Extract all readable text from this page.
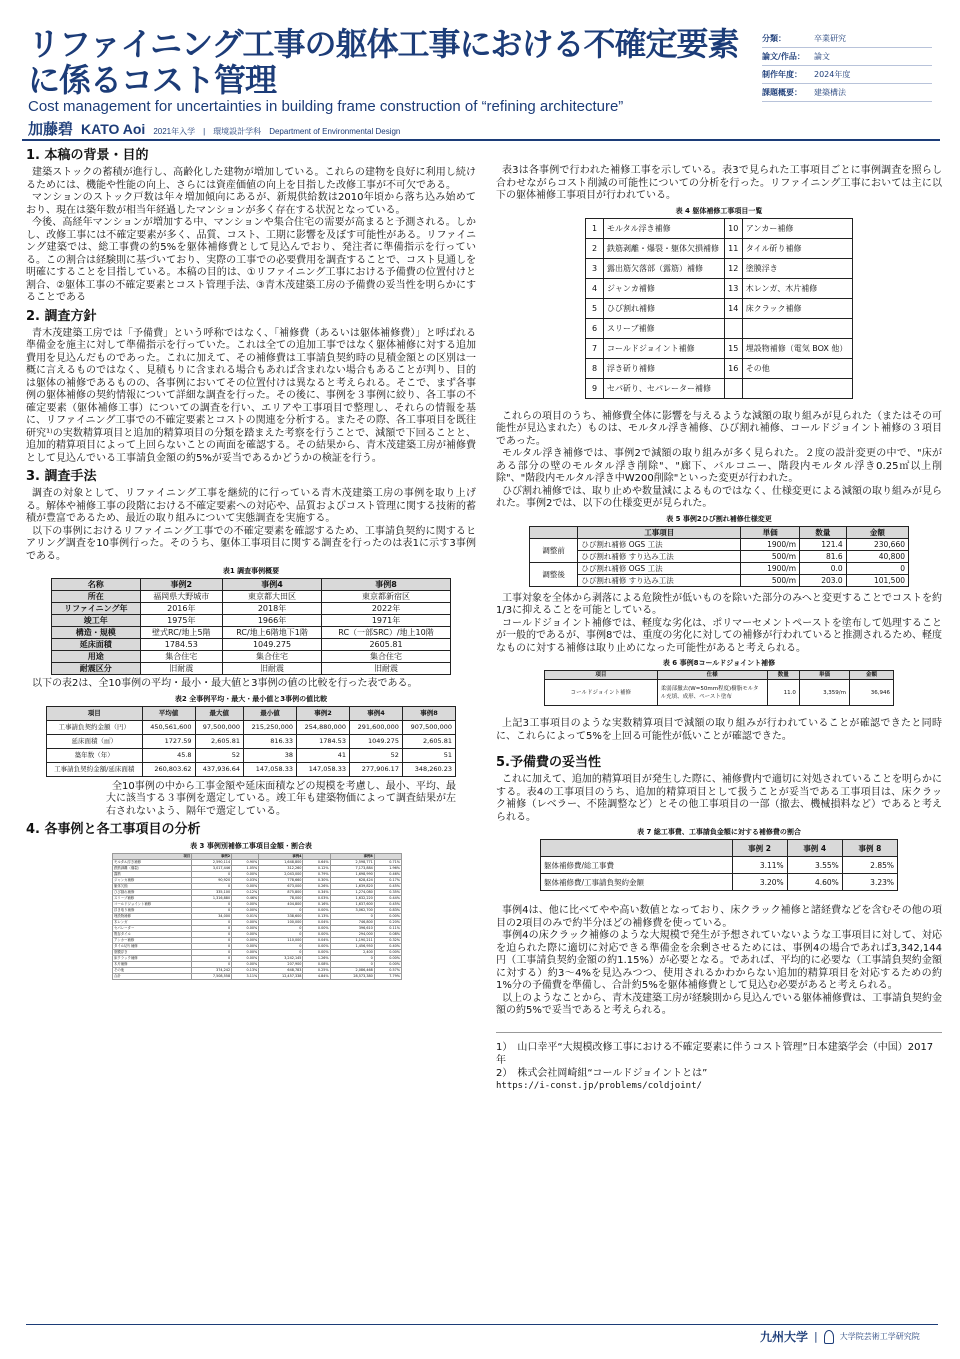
リファイニング工事の躯体工事における不確定要素に係るコスト管理
Cost management for uncertainties in building frame construction of “refining architecture”
加藤碧 KATO Aoi 2021年入学 | 環境設計学科 Department of Environmental Design
分類：	卒業研究
論文/作品：	論文
制作年度：	2024年度
課題概要：	建築構法
1. 本稿の背景・目的

建築ストックの蓄積が進行し、高齢化した建物が増加している。これらの建物を良好に利用し続けるためには、機能や性能の向上、さらには資産価値の向上を目指した改修工事が不可欠である。

マンションのストック戸数は年々増加傾向にあるが、新規供給数は2010年頃から落ち込み始めており、現在は築年数が相当年経過したマンションが多く存在する状況となっている。

今後、高経年マンションが増加する中、マンションや集合住宅の需要が高まると予測される。しかし、改修工事には不確定要素が多く、品質、コスト、工期に影響を及ぼす可能性がある。リファイニング建築では、総工事費の約5%を躯体補修費として見込んでおり、発注者に準備指示を行っている。この割合は経験則に基づいており、実際の工事での必要費用を調査することで、コスト見通しを明確にすることを目指している。本稿の目的は、①リファイニング工事における予備費の位置付けと割合、②躯体工事の不確定要素とコスト管理手法、③青木茂建築工房の予備費の妥当性を明らかにすることである

2. 調査方針

青木茂建築工房では「予備費」という呼称ではなく、「補修費（あるいは躯体補修費）」と呼ばれる準備金を施主に対して準備指示を行っていた。これは全ての追加工事ではなく躯体補修に対する追加費用を見込んだものであった。これに加えて、その補修費は工事請負契約時の見積金額との区別は一概に言えるものではなく、見積もりに含まれる場合もあれば含まれない場合もあることが判り、目的は躯体の補修であるものの、各事例においてその位置付けは異なると考えられる。そこで、まず各事例の躯体補修の契約情報について詳細な調査を行った。その後に、事例を３事例に絞り、各工事の不確定要素（躯体補修工事）についての調査を行い、エリアや工事項目で整理し、それらの情報を基に、リファイニング工事での不確定要素とコストの関連を分析する。またその際、各工事項目を既往研究¹⁾の実数精算項目と追加的精算項目の分類を踏まえた考察を行うことで、減額で下回ることと、追加的精算項目によって上回らないことの両面を確認する。その結果から、青木茂建築工房が補修費として見込んでいる工事請負金額の約5%が妥当であるかどうかの検証を行う。

3. 調査手法

調査の対象として、リファイニング工事を継続的に行っている青木茂建築工房の事例を取り上げる。解体や補修工事の段階における不確定要素への対応や、品質およびコスト管理に関する技術的蓄積が豊富であるため、最近の取り組みについて実態調査を実施する。

以下の事例におけるリファイニング工事での不確定要素を確認するため、工事請負契約に関するヒアリング調査を10事例行った。そのうち、躯体工事項目に関する調査を行ったのは表1に示す3事例である。

表1 調査事例概要
名称	事例2	事例4	事例8
所在	福岡県大野城市	東京都大田区	東京都新宿区
リファイニング年	2016年	2018年	2022年
竣工年	1975年	1966年	1971年
構造・規模	壁式RC/地上5階	RC/地上6階地下1階	RC（一部SRC）/地上10階
延床面積	1784.53	1049.275	2605.81
用途	集合住宅	集合住宅	集合住宅
耐震区分	旧耐震	旧耐震	旧耐震

以下の表2は、全10事例の平均・最小・最大値と3事例の値の比較を行った表である。

表2 全事例平均・最大・最小値と3事例の値比較
項目	平均値	最大値	最小値	事例2	事例4	事例8
工事請負契約金額（円）	450,561,600	97,500,000	215,250,000	254,880,000	291,600,000	907,500,000
延床面積（㎡）	1727.59	2,605.81	816.33	1784.53	1049.275	2,605.81
築年数（年）	45.8	52	38	41	52	51
工事請負契約金額/延床面積	260,803.62	437,936.64	147,058.33	147,058.33	277,906.17	348,260.23

全10事例の中から工事金額や延床面積などの規模を考慮し、最小、平均、最大に該当する３事例を選定している。竣工年も建築物価によって調査結果が左右されないよう、隔年で選定している。

4. 各事例と各工事項目の分析
表 3 事例別補修工事項目金額・割合表
項目	事例2		事例4		事例8	
モルタル浮き補修	2,590,114	0.90%	1,648,800	0.64%	2,598,771	0.71%
鉄筋剥離（爆裂）	3,017,446	1.05%	312,260	0.12%	7,173,884	1.96%
露筋	0	0.00%	2,043,000	0.79%	1,698,990	0.46%
ジャンカ補修	90,920	0.03%	778,660	0.30%	628,424	0.17%
躯体欠損	0	0.00%	673,000	0.26%	1,639,820	0.45%
ひび割れ補修	335,100	0.12%	875,800	0.34%	1,274,080	0.35%
スリーブ補修	1,316,880	0.46%	78,000	0.03%	1,632,220	0.44%
コールドジョイント補修	0	0.00%	404,800	0.16%	1,637,600	0.45%
浮き取り補修	0	0.00%	0	0.00%	3,062,700	0.83%
埋設物補修	34,000	0.01%	338,600	0.13%	0	0.00%
木レンガ	0	0.00%	100,000	0.04%	746,800	0.20%
セパレーター	0	0.00%	0	0.00%	396,610	0.11%
既存タイル	0	0.00%	0	0.00%	294,000	0.08%
アンカー補修	0	0.00%	110,000	0.04%	1,190,211	0.32%
タイル切り補修	0	0.00%	0	0.00%	1,456,950	0.40%
塗膜浮き	0	0.00%	0	0.00%	2,400	0.00%
床クラック補修	0	0.00%	3,242,145	1.26%	0	0.00%
木片補修	0	0.00%	207,900	0.08%	0	0.00%
その他	374,242	0.13%	648,783	0.25%	2,086,468	0.57%
合計	7,508,558	3.11%	12,457,338	4.84%	28,573,380	7.79%

表3は各事例で行われた補修工事を示している。表3で見られた工事項目ごとに事例調査を照らし合わせながらコスト削減の可能性についての分析を行った。リファイニング工事においては主に以下の躯体補修工事項目が行われている。

表 4 躯体補修工事項目一覧
1	モルタル浮き補修	10	アンカー補修
2	鉄筋剥離・爆裂・躯体欠損補修	11	タイル斫り補修
3	露出筋欠落部（露筋）補修	12	塗膜浮き
4	ジャンカ補修	13	木レンガ、木片補修
5	ひび割れ補修	14	床クラック補修
6	スリーブ補修		
7	コールドジョイント補修	15	埋設物補修（電気 BOX 他）
8	浮き斫り補修	16	その他
9	セパ斫り、セパレーター補修		

これらの項目のうち、補修費全体に影響を与えるような減額の取り組みが見られた（またはその可能性が見込まれた）ものは、モルタル浮き補修、ひび割れ補修、コールドジョイント補修の３項目であった。

モルタル浮き補修では、事例2で減額の取り組みが多く見られた。２度の設計変更の中で、"床がある部分の壁のモルタル浮き削除"、"廊下、バルコニー、階段内モルタル浮き0.25㎡以上削除"、"階段内モルタル浮き中W200削除"といった変更が行われた。

ひび割れ補修では、取り止めや数量減によるものではなく、仕様変更による減額の取り組みが見られた。事例2では、以下の仕様変更が見られた。

表 5 事例2ひび割れ補修仕様変更
	工事項目	単価	数量	金額
調整前	ひび割れ補修 OGS 工法	1900/m	121.4	230,660
	ひび割れ補修 すり込み工法	500/m	81.6	40,800
調整後	ひび割れ補修 OGS 工法	1900/m	0.0	0
	ひび割れ補修 すり込み工法	500/m	203.0	101,500

工事対象を全体から剥落による危険性が低いものを除いた部分のみへと変更することでコストを約1/3に抑えることを可能としている。

コールドジョイント補修では、軽度な劣化は、ポリマーセメントペーストを塗布して処理することが一般的であるが、事例8では、重度の劣化に対しての補修が行われていると推測されるため、軽度なものに対する補修は取り止めになった可能性があると考えられる。

表 6 事例8コールドジョイント補修
項目	仕様	数量	単価	金額
コールドジョイント補修	柔弱部撤去(W=50mm程度)樹脂モルタル充填、成形、ペースト塗布	11.0	3,359/m	36,946

上記3工事項目のような実数精算項目で減額の取り組みが行われていることが確認できたと同時に、これらによって5%を上回る可能性が低いことが確認できた。

5.予備費の妥当性

これに加えて、追加的精算項目が発生した際に、補修費内で適切に対処されていることを明らかにする。表4の工事項目のうち、追加的精算項目として扱うことが妥当である工事項目は、床クラック補修（レベラー、不陸調整など）とその他工事項目の一部（撤去、機械損料など）であると考えられる。

表 7 総工事費、工事請負金額に対する補修費の割合
	事例 2	事例 4	事例 8
躯体補修費/総工事費	3.11%	3.55%	2.85%
躯体補修費/工事請負契約金額	3.20%	4.60%	3.23%

事例4は、他に比べてやや高い数値となっており、床クラック補修と諸経費などを含むその他の項目の2項目のみで約半分ほどの補修費を使っている。

事例4の床クラック補修のような大規模で発生が予想されていないような工事項目に対して、対応を迫られた際に適切に対応できる準備金を余剰させるためには、事例4の場合であれば3,342,144円（工事請負契約金額の約1.15%）が必要となる。であれば、平均的に必要な（工事請負契約金額に対する）約3～4%を見込みつつ、使用されるかわからない追加的精算項目を対応するための約1%分の予備費を準備し、合計約5%を躯体補修費として見込む必要があると考えられる。

以上のようなことから、青木茂建築工房が経験則から見込んでいる躯体補修費は、工事請負契約金額の約5%で妥当であると考えられる。

1）　山口幸平“大規模改修工事における不確定要素に伴うコスト管理”日本建築学会（中国）2017年
2）　株式会社岡崎組“コールドジョイントとは”
https://i-const.jp/problems/coldjoint/
九州大学 |	大学院芸術工学研究院
